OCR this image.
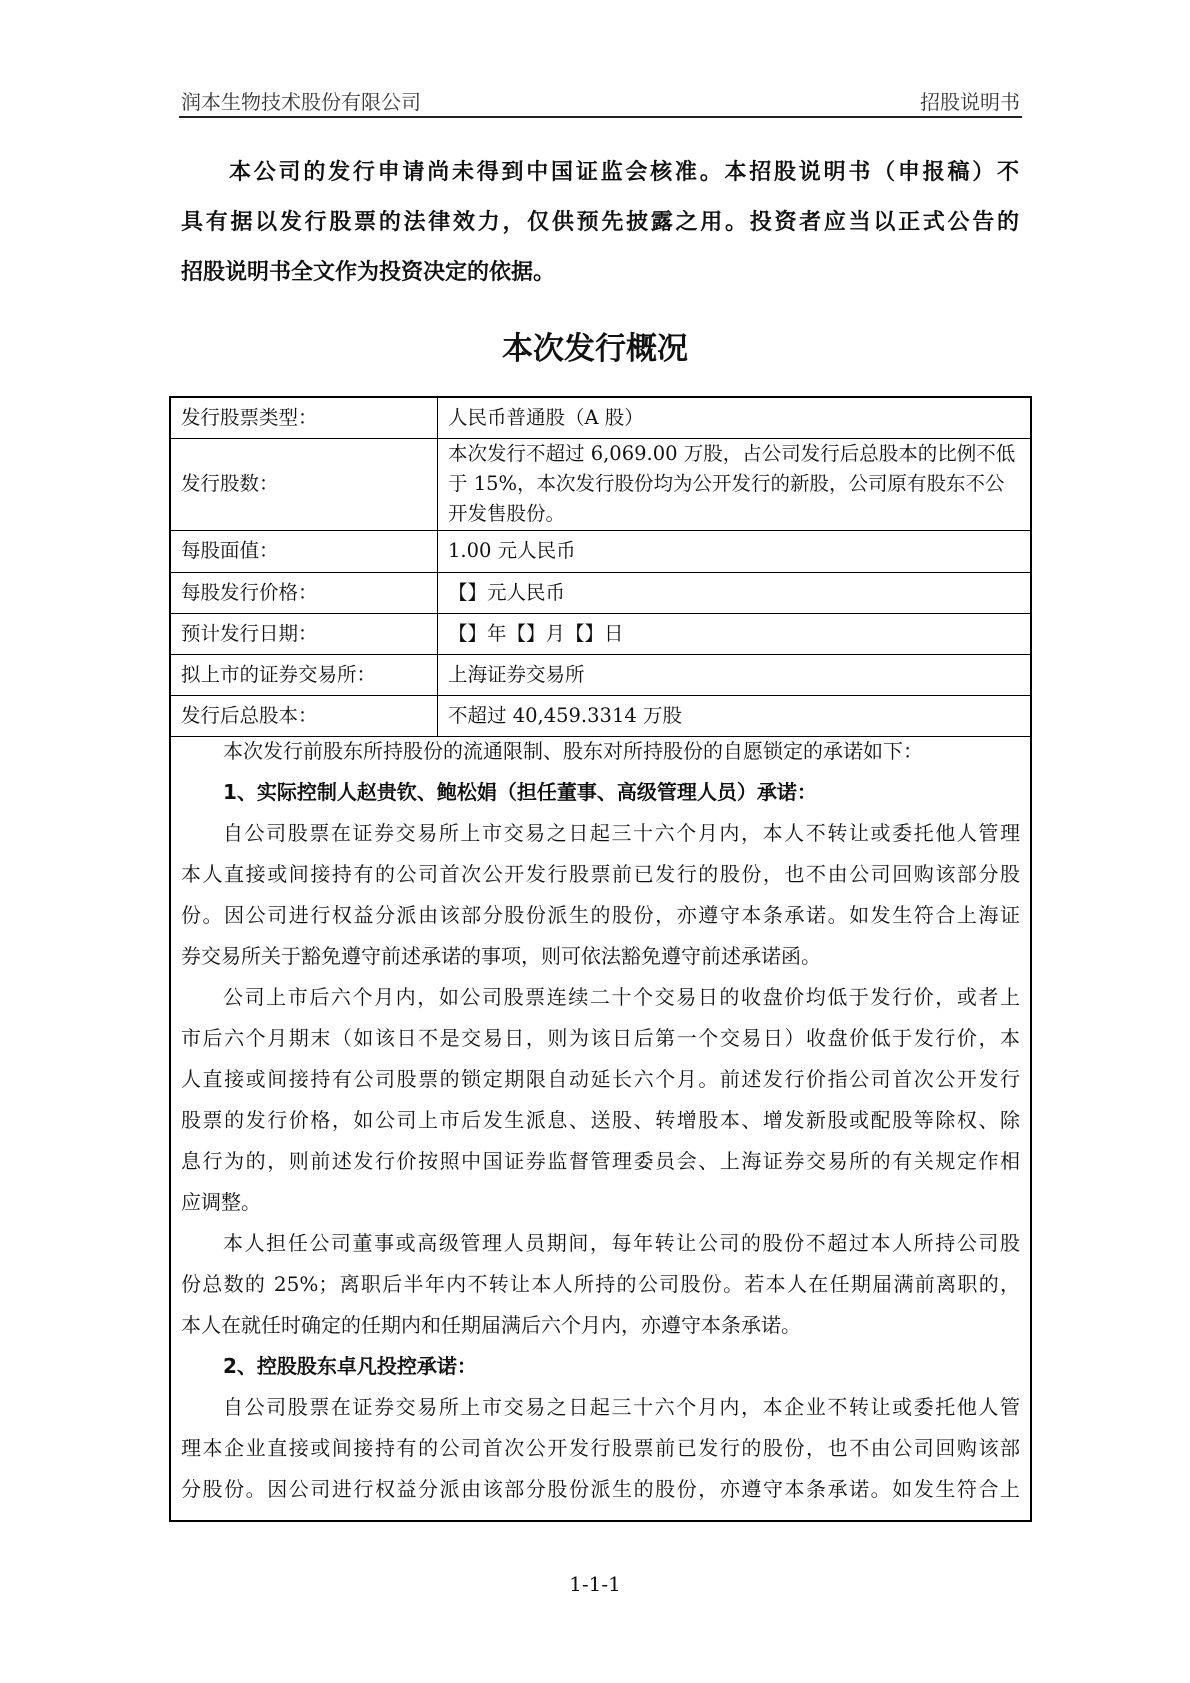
润本生物技术股份有限公司	招股说明书
本公司的发行申请尚未得到中国证监会核准。本招股说明书（申报稿）不
具有据以发行股票的法律效力，仅供预先披露之用。投资者应当以正式公告的
招股说明书全文作为投资决定的依据。
本次发行概况
发行股票类型：	人民币普通股（A 股）
发行股数：	本次发行不超过 6,069.00 万股，占公司发行后总股本的比例不低于 15%，本次发行股份均为公开发行的新股，公司原有股东不公开发售股份。
每股面值：	1.00 元人民币
每股发行价格：	【】元人民币
预计发行日期：	【】年【】月【】日
拟上市的证券交易所：	上海证券交易所
发行后总股本：	不超过 40,459.3314 万股
本次发行前股东所持股份的流通限制、股东对所持股份的自愿锁定的承诺如下：
1、实际控制人赵贵钦、鲍松娟（担任董事、高级管理人员）承诺：
自公司股票在证券交易所上市交易之日起三十六个月内，本人不转让或委托他人管理
本人直接或间接持有的公司首次公开发行股票前已发行的股份，也不由公司回购该部分股
份。因公司进行权益分派由该部分股份派生的股份，亦遵守本条承诺。如发生符合上海证
券交易所关于豁免遵守前述承诺的事项，则可依法豁免遵守前述承诺函。
公司上市后六个月内，如公司股票连续二十个交易日的收盘价均低于发行价，或者上
市后六个月期末（如该日不是交易日，则为该日后第一个交易日）收盘价低于发行价，本
人直接或间接持有公司股票的锁定期限自动延长六个月。前述发行价指公司首次公开发行
股票的发行价格，如公司上市后发生派息、送股、转增股本、增发新股或配股等除权、除
息行为的，则前述发行价按照中国证券监督管理委员会、上海证券交易所的有关规定作相
应调整。
本人担任公司董事或高级管理人员期间，每年转让公司的股份不超过本人所持公司股
份总数的 25%；离职后半年内不转让本人所持的公司股份。若本人在任期届满前离职的，
本人在就任时确定的任期内和任期届满后六个月内，亦遵守本条承诺。
2、控股股东卓凡投控承诺：
自公司股票在证券交易所上市交易之日起三十六个月内，本企业不转让或委托他人管
理本企业直接或间接持有的公司首次公开发行股票前已发行的股份，也不由公司回购该部
分股份。因公司进行权益分派由该部分股份派生的股份，亦遵守本条承诺。如发生符合上
1-1-1
